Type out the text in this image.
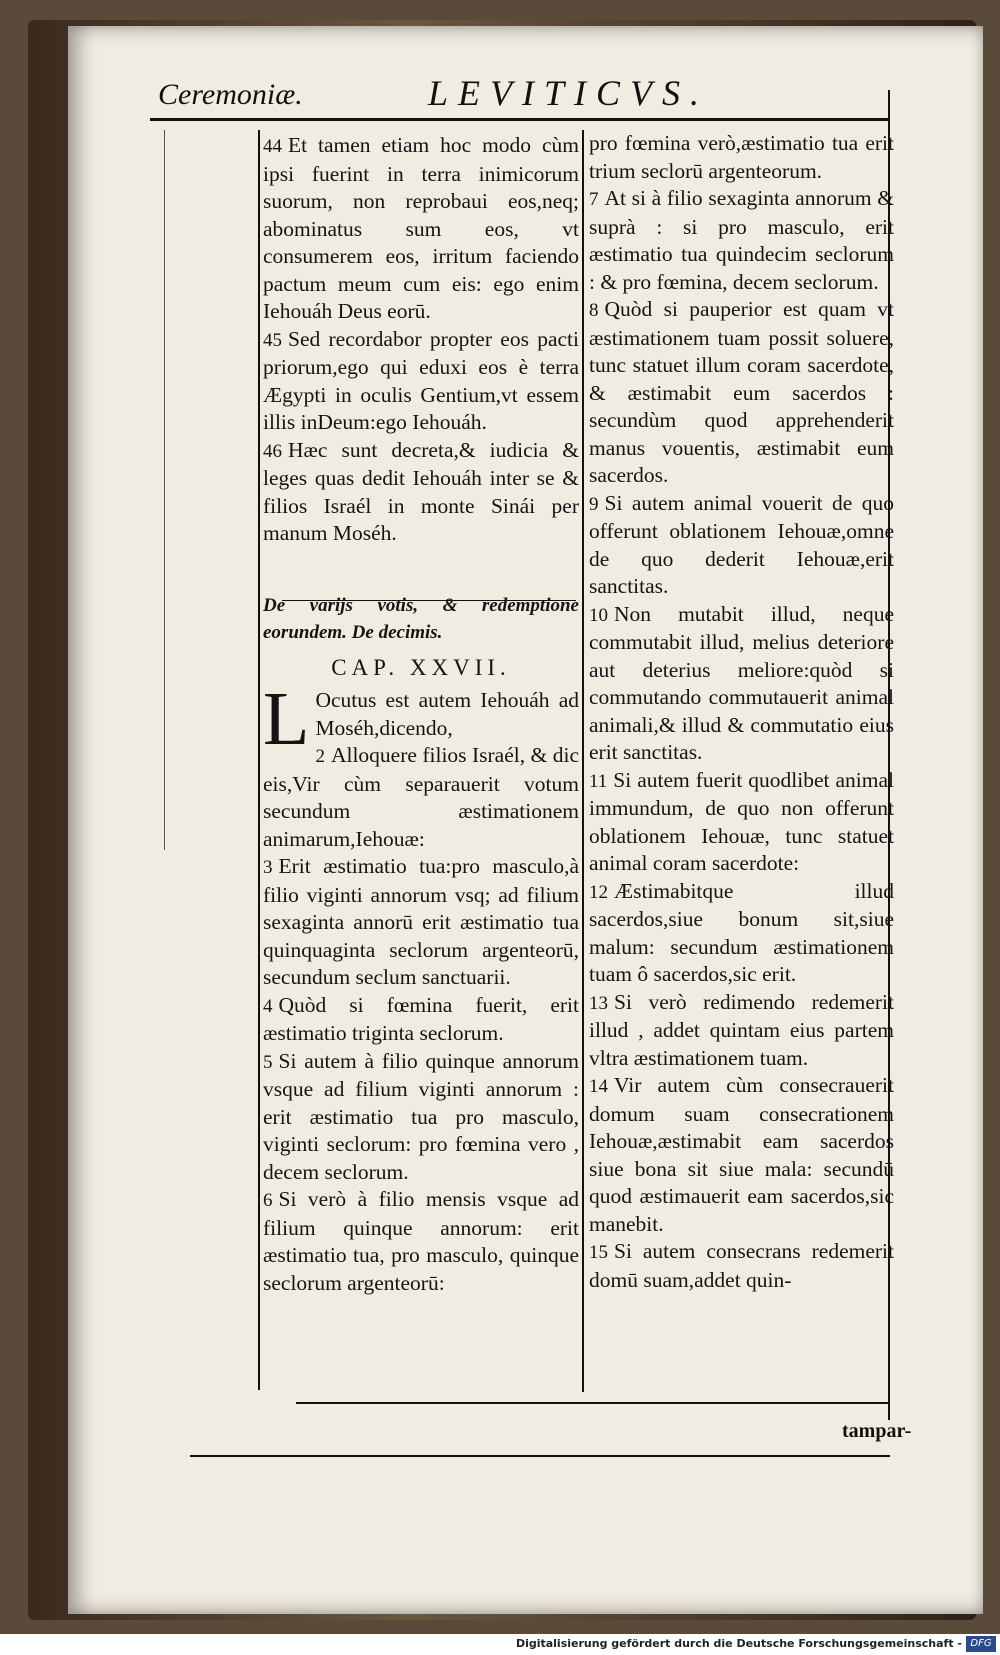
Ceremoniæ.	LEVITICVS.

44 Et tamen etiam hoc modo cùm ipsi fuerint in terra inimicorum suorum, non reprobaui eos,neq; abominatus sum eos, vt consumerem eos, irritum faciendo pactum meum cum eis: ego enim Iehouáh Deus eorū.

45 Sed recordabor propter eos pacti priorum,ego qui eduxi eos è terra Ægypti in oculis Gentium,vt essem illis inDeum:ego Iehouáh.

46 Hæc sunt decreta,& iudicia & leges quas dedit Iehouáh inter se & filios Israél in monte Sinái per manum Moséh.

De varijs votis, & redemptione eorundem. De decimis.

CAP. XXVII.

L Ocutus est autem Iehouáh ad Moséh,dicendo,

2 Alloquere filios Israél, & dic eis,Vir cùm separauerit votum secundum æstimationem animarum,Iehouæ:

3 Erit æstimatio tua:pro masculo,à filio viginti annorum vsq; ad filium sexaginta annorū erit æstimatio tua quinquaginta seclorum argenteorū, secundum seclum sanctuarii.

4 Quòd si fœmina fuerit, erit æstimatio triginta seclorum.

5 Si autem à filio quinque annorum vsque ad filium viginti annorum : erit æstimatio tua pro masculo, viginti seclorum: pro fœmina vero , decem seclorum.

6 Si verò à filio mensis vsque ad filium quinque annorum: erit æstimatio tua, pro masculo, quinque seclorum argenteorū:

pro fœmina verò,æstimatio tua erit trium seclorū argenteorum.

7 At si à filio sexaginta annorum & suprà : si pro masculo, erit æstimatio tua quindecim seclorum : & pro fœmina, decem seclorum.

8 Quòd si pauperior est quam vt æstimationem tuam possit soluere, tunc statuet illum coram sacerdote, & æstimabit eum sacerdos : secundùm quod apprehenderit manus vouentis, æstimabit eum sacerdos.

9 Si autem animal vouerit de quo offerunt oblationem Iehouæ,omne de quo dederit Iehouæ,erit sanctitas.

10 Non mutabit illud, neque commutabit illud, melius deteriore aut deterius meliore:quòd si commutando commutauerit animal animali,& illud & commutatio eius erit sanctitas.

11 Si autem fuerit quodlibet animal immundum, de quo non offerunt oblationem Iehouæ, tunc statuet animal coram sacerdote:

12 Æstimabitque illud sacerdos,siue bonum sit,siue malum: secundum æstimationem tuam ô sacerdos,sic erit.

13 Si verò redimendo redemerit illud , addet quintam eius partem vltra æstimationem tuam.

14 Vir autem cùm consecrauerit domum suam consecrationem Iehouæ,æstimabit eam sacerdos siue bona sit siue mala: secundū quod æstimauerit eam sacerdos,sic manebit.

15 Si autem consecrans redemerit domū suam,addet quin-

tampar-
Digitalisierung gefördert durch die Deutsche Forschungsgemeinschaft - DFG
